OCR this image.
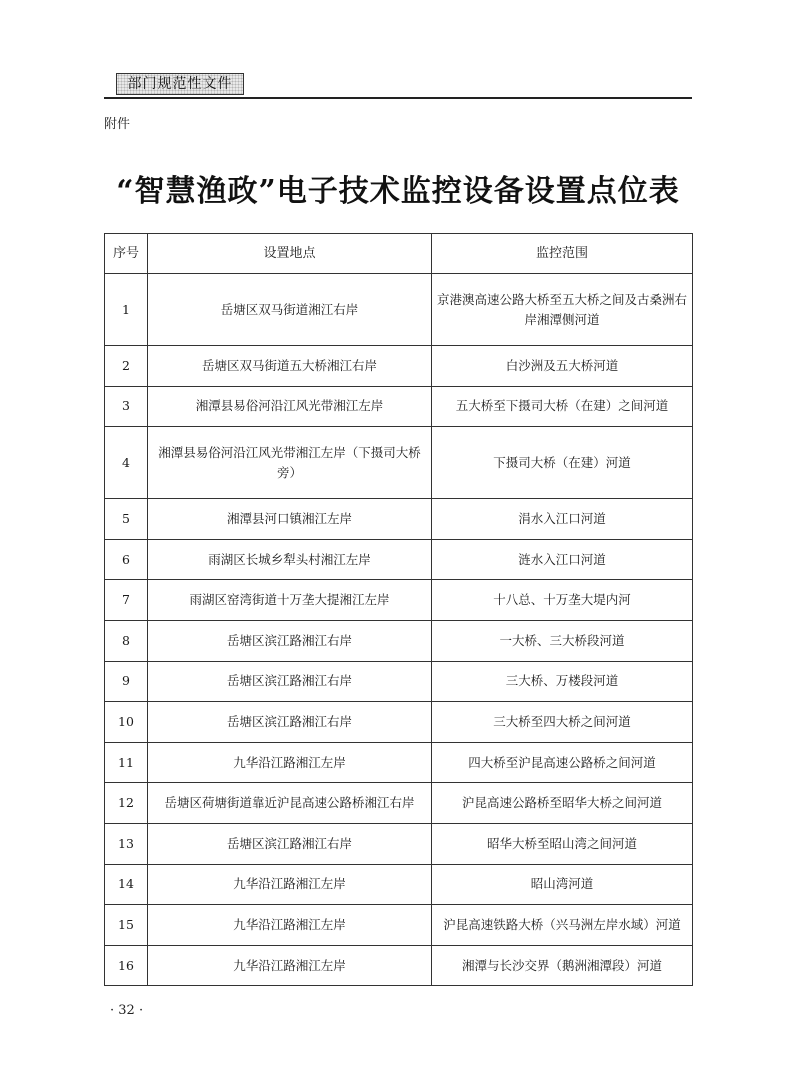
部门规范性文件
附件
“智慧渔政”电子技术监控设备设置点位表
序号	设置地点	监控范围
1	岳塘区双马街道湘江右岸	京港澳高速公路大桥至五大桥之间及古桑洲右岸湘潭侧河道
2	岳塘区双马街道五大桥湘江右岸	白沙洲及五大桥河道
3	湘潭县易俗河沿江风光带湘江左岸	五大桥至下摄司大桥（在建）之间河道
4	湘潭县易俗河沿江风光带湘江左岸（下摄司大桥旁）	下摄司大桥（在建）河道
5	湘潭县河口镇湘江左岸	涓水入江口河道
6	雨湖区长城乡犁头村湘江左岸	涟水入江口河道
7	雨湖区窑湾街道十万垄大提湘江左岸	十八总、十万垄大堤内河
8	岳塘区滨江路湘江右岸	一大桥、三大桥段河道
9	岳塘区滨江路湘江右岸	三大桥、万楼段河道
10	岳塘区滨江路湘江右岸	三大桥至四大桥之间河道
11	九华沿江路湘江左岸	四大桥至沪昆高速公路桥之间河道
12	岳塘区荷塘街道靠近沪昆高速公路桥湘江右岸	沪昆高速公路桥至昭华大桥之间河道
13	岳塘区滨江路湘江右岸	昭华大桥至昭山湾之间河道
14	九华沿江路湘江左岸	昭山湾河道
15	九华沿江路湘江左岸	沪昆高速铁路大桥（兴马洲左岸水域）河道
16	九华沿江路湘江左岸	湘潭与长沙交界（鹅洲湘潭段）河道
· 32 ·
